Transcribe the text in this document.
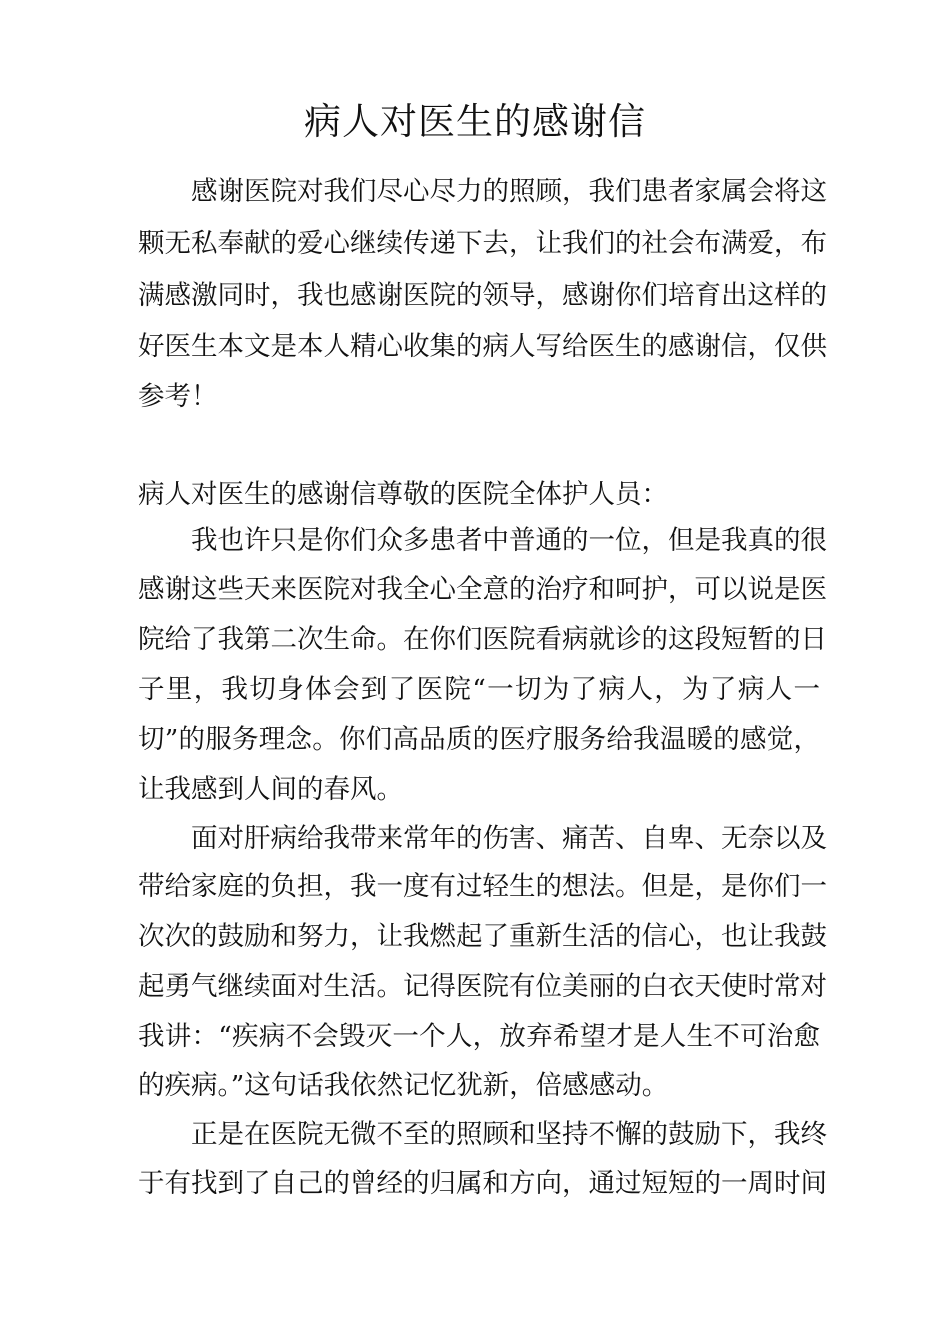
病人对医生的感谢信

感谢医院对我们尽心尽力的照顾，我们患者家属会将这

颗无私奉献的爱心继续传递下去，让我们的社会布满爱，布

满感激同时，我也感谢医院的领导，感谢你们培育出这样的

好医生本文是本人精心收集的病人写给医生的感谢信，仅供

参考！

病人对医生的感谢信尊敬的医院全体护人员：

我也许只是你们众多患者中普通的一位，但是我真的很

感谢这些天来医院对我全心全意的治疗和呵护，可以说是医

院给了我第二次生命。在你们医院看病就诊的这段短暂的日

子里，我切身体会到了医院“一切为了病人，为了病人一

切”的服务理念。你们高品质的医疗服务给我温暖的感觉，

让我感到人间的春风。

面对肝病给我带来常年的伤害、痛苦、自卑、无奈以及

带给家庭的负担，我一度有过轻生的想法。但是，是你们一

次次的鼓励和努力，让我燃起了重新生活的信心，也让我鼓

起勇气继续面对生活。记得医院有位美丽的白衣天使时常对

我讲：“疾病不会毁灭一个人，放弃希望才是人生不可治愈

的疾病。”这句话我依然记忆犹新，倍感感动。

正是在医院无微不至的照顾和坚持不懈的鼓励下，我终

于有找到了自己的曾经的归属和方向，通过短短的一周时间
